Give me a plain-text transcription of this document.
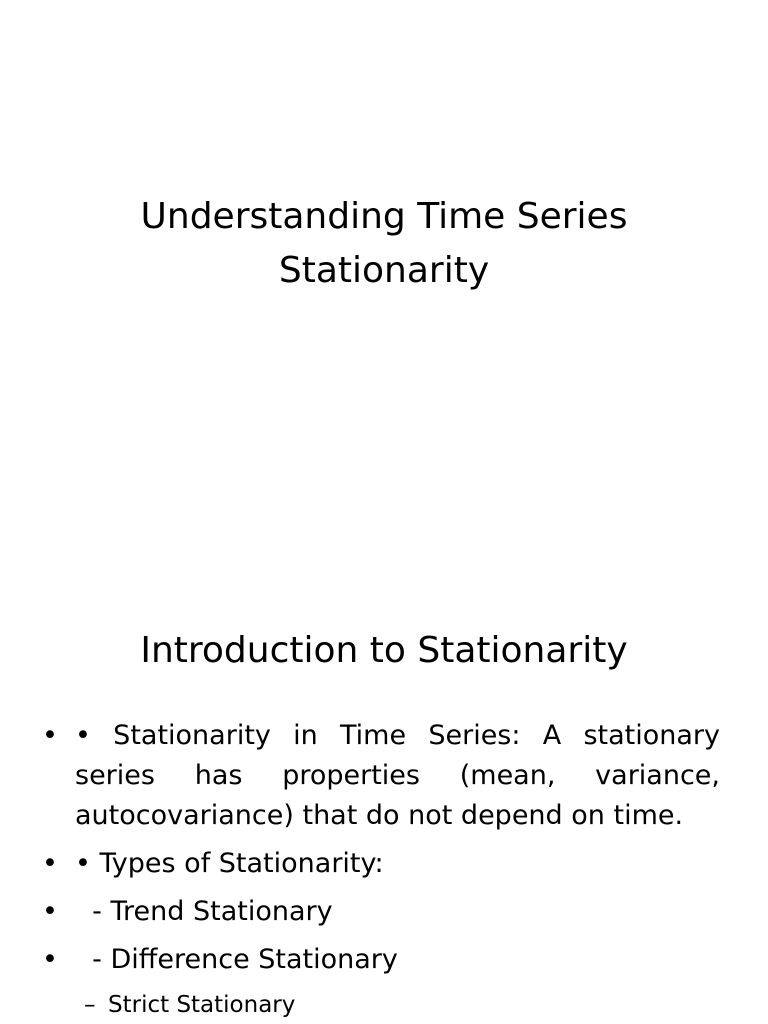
Understanding Time Series
Stationarity
Introduction to Stationarity
• • Stationarity in Time Series: A stationary series has properties (mean, variance, autocovariance) that do not depend on time.
• • Types of Stationarity:
• - Trend Stationary
• - Difference Stationary
– Strict Stationary
